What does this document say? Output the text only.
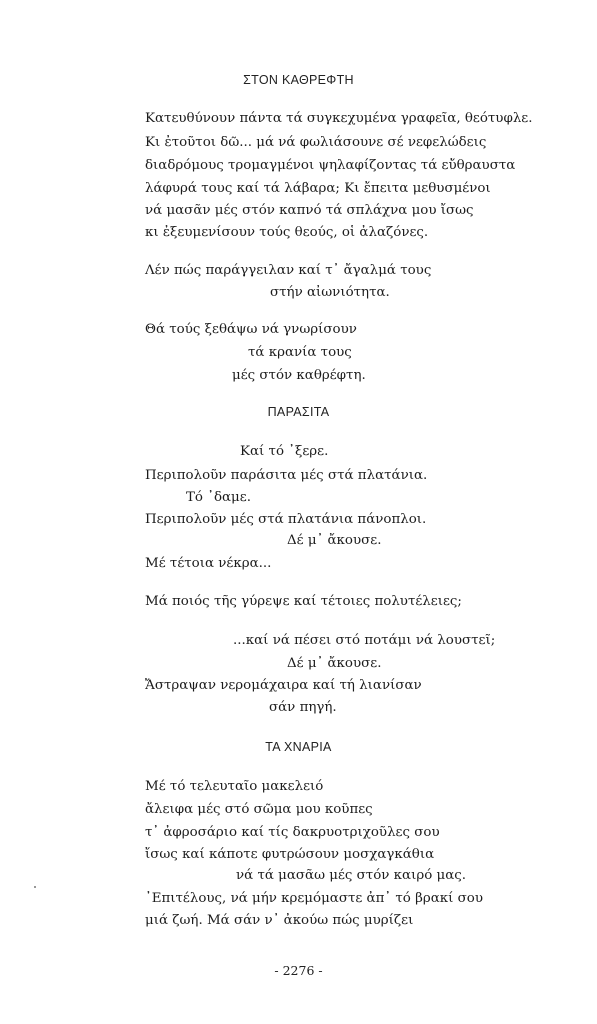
ΣΤΟΝ ΚΑΘΡΕΦΤΗ
Κατευθύνουν πάντα τά συγκεχυμένα γραφεῖα, θεότυφλε.
Κι ἐτοῦτοι δῶ... μά νά φωλιάσουνε σέ νεφελώδεις
διαδρόμους τρομαγμένοι ψηλαφίζοντας τά εὔθραυστα
λάφυρά τους καί τά λάβαρα; Κι ἔπειτα μεθυσμένοι
νά μασᾶν μές στόν καπνό τά σπλάχνα μου ἴσως
κι ἐξευμενίσουν τούς θεούς, οἱ ἀλαζόνες.
Λέν πώς παράγγειλαν καί τ᾿ ἄγαλμά τους
στήν αἰωνιότητα.
Θά τούς ξεθάψω νά γνωρίσουν
τά κρανία τους
μές στόν καθρέφτη.
ΠΑΡΑΣΙΤΑ
Καί τό ᾿ξερε.
Περιπολοῦν παράσιτα μές στά πλατάνια.
Τό ᾿δαμε.
Περιπολοῦν μές στά πλατάνια πάνοπλοι.
Δέ μ᾿ ἄκουσε.
Μέ τέτοια νέκρα...
Μά ποιός τῆς γύρεψε καί τέτοιες πολυτέλειες;
...καί νά πέσει στό ποτάμι νά λουστεῖ;
Δέ μ᾿ ἄκουσε.
Ἄστραψαν νερομάχαιρα καί τή λιανίσαν
σάν πηγή.
ΤΑ ΧΝΑΡΙΑ
Μέ τό τελευταῖο μακελειό
ἄλειφα μές στό σῶμα μου κοῦπες
τ᾿ ἀφροσάριο καί τίς δακρυοτριχοῦλες σου
ἴσως καί κάποτε φυτρώσουν μοσχαγκάθια
νά τά μασᾶω μές στόν καιρό μας.
᾿Επιτέλους, νά μήν κρεμόμαστε ἀπ᾿ τό βρακί σου
μιά ζωή. Μά σάν ν᾿ ἀκούω πώς μυρίζει
- 2276 -
